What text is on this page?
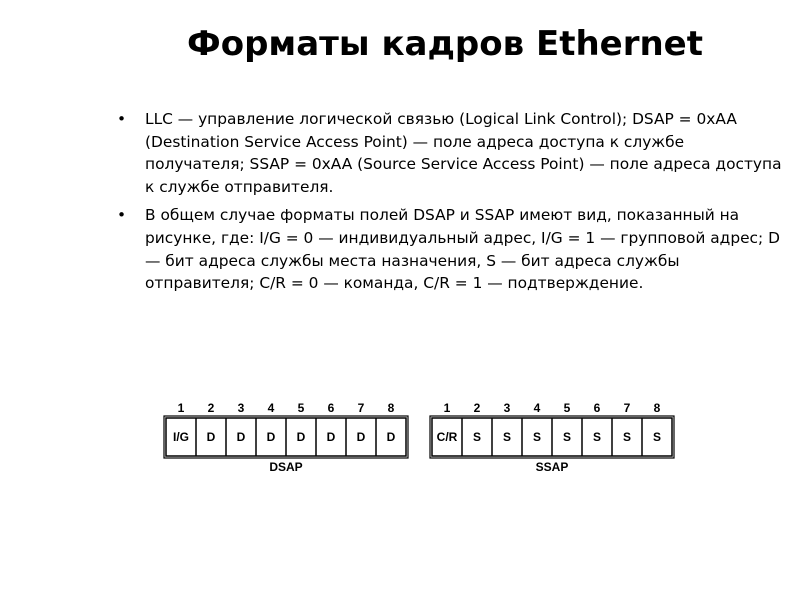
Форматы кадров Ethernet
• LLC — управление логической связью (Logical Link Control); DSAP = 0xAA (Destination Service Access Point) — поле адреса доступа к службе получателя; SSAP = 0xAA (Source Service Access Point) — поле адреса доступа к службе отправителя.
• В общем случае форматы полей DSAP и SSAP имеют вид, показанный на рисунке, где: I/G = 0 — индивидуальный адрес, I/G = 1 — групповой адрес; D — бит адреса службы места назначения, S — бит адреса службы отправителя; C/R = 0 — команда, C/R = 1 — подтверждение.
1
I/G
2
D
3
D
4
D
5
D
6
D
7
D
8
D
DSAP
1
C/R
2
S
3
S
4
S
5
S
6
S
7
S
8
S
SSAP
